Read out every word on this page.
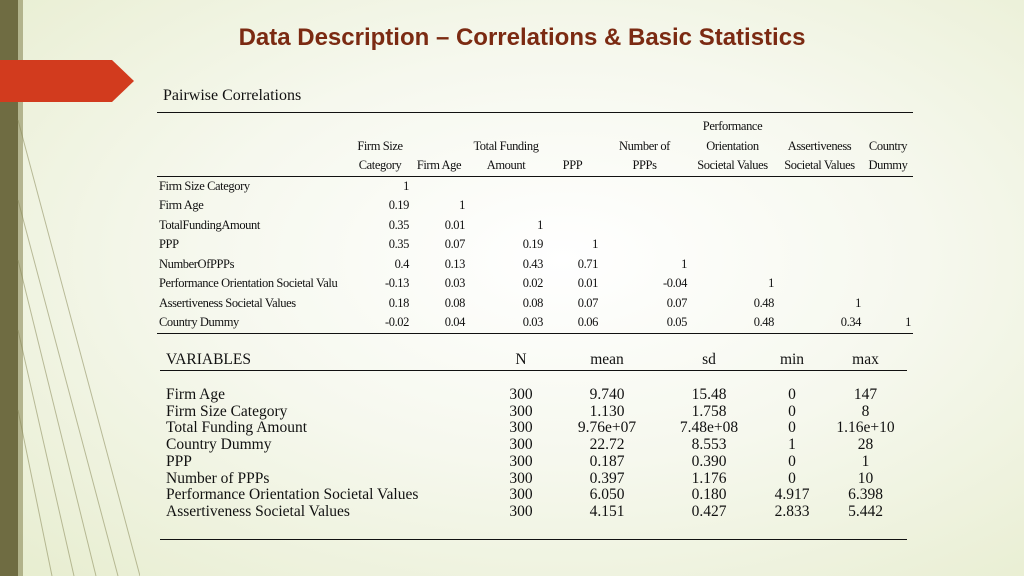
Data Description – Correlations & Basic Statistics
Pairwise Correlations
						Performance		
	Firm Size		Total Funding		Number of	Orientation	Assertiveness	Country
	Category	Firm Age	Amount	PPP	PPPs	Societal Values	Societal Values	Dummy
Firm Size Category	1							
Firm Age	0.19	1						
TotalFundingAmount	0.35	0.01	1					
PPP	0.35	0.07	0.19	1				
NumberOfPPPs	0.4	0.13	0.43	0.71	1			
Performance Orientation Societal Valu	-0.13	0.03	0.02	0.01	-0.04	1		
Assertiveness Societal Values	0.18	0.08	0.08	0.07	0.07	0.48	1	
Country Dummy	-0.02	0.04	0.03	0.06	0.05	0.48	0.34	1
VARIABLES	N	mean	sd	min	max

Firm Age	300	9.740	15.48	0	147
Firm Size Category	300	1.130	1.758	0	8
Total Funding Amount	300	9.76e+07	7.48e+08	0	1.16e+10
Country Dummy	300	22.72	8.553	1	28
PPP	300	0.187	0.390	0	1
Number of PPPs	300	0.397	1.176	0	10
Performance Orientation Societal Values	300	6.050	0.180	4.917	6.398
Assertiveness Societal Values	300	4.151	0.427	2.833	5.442
